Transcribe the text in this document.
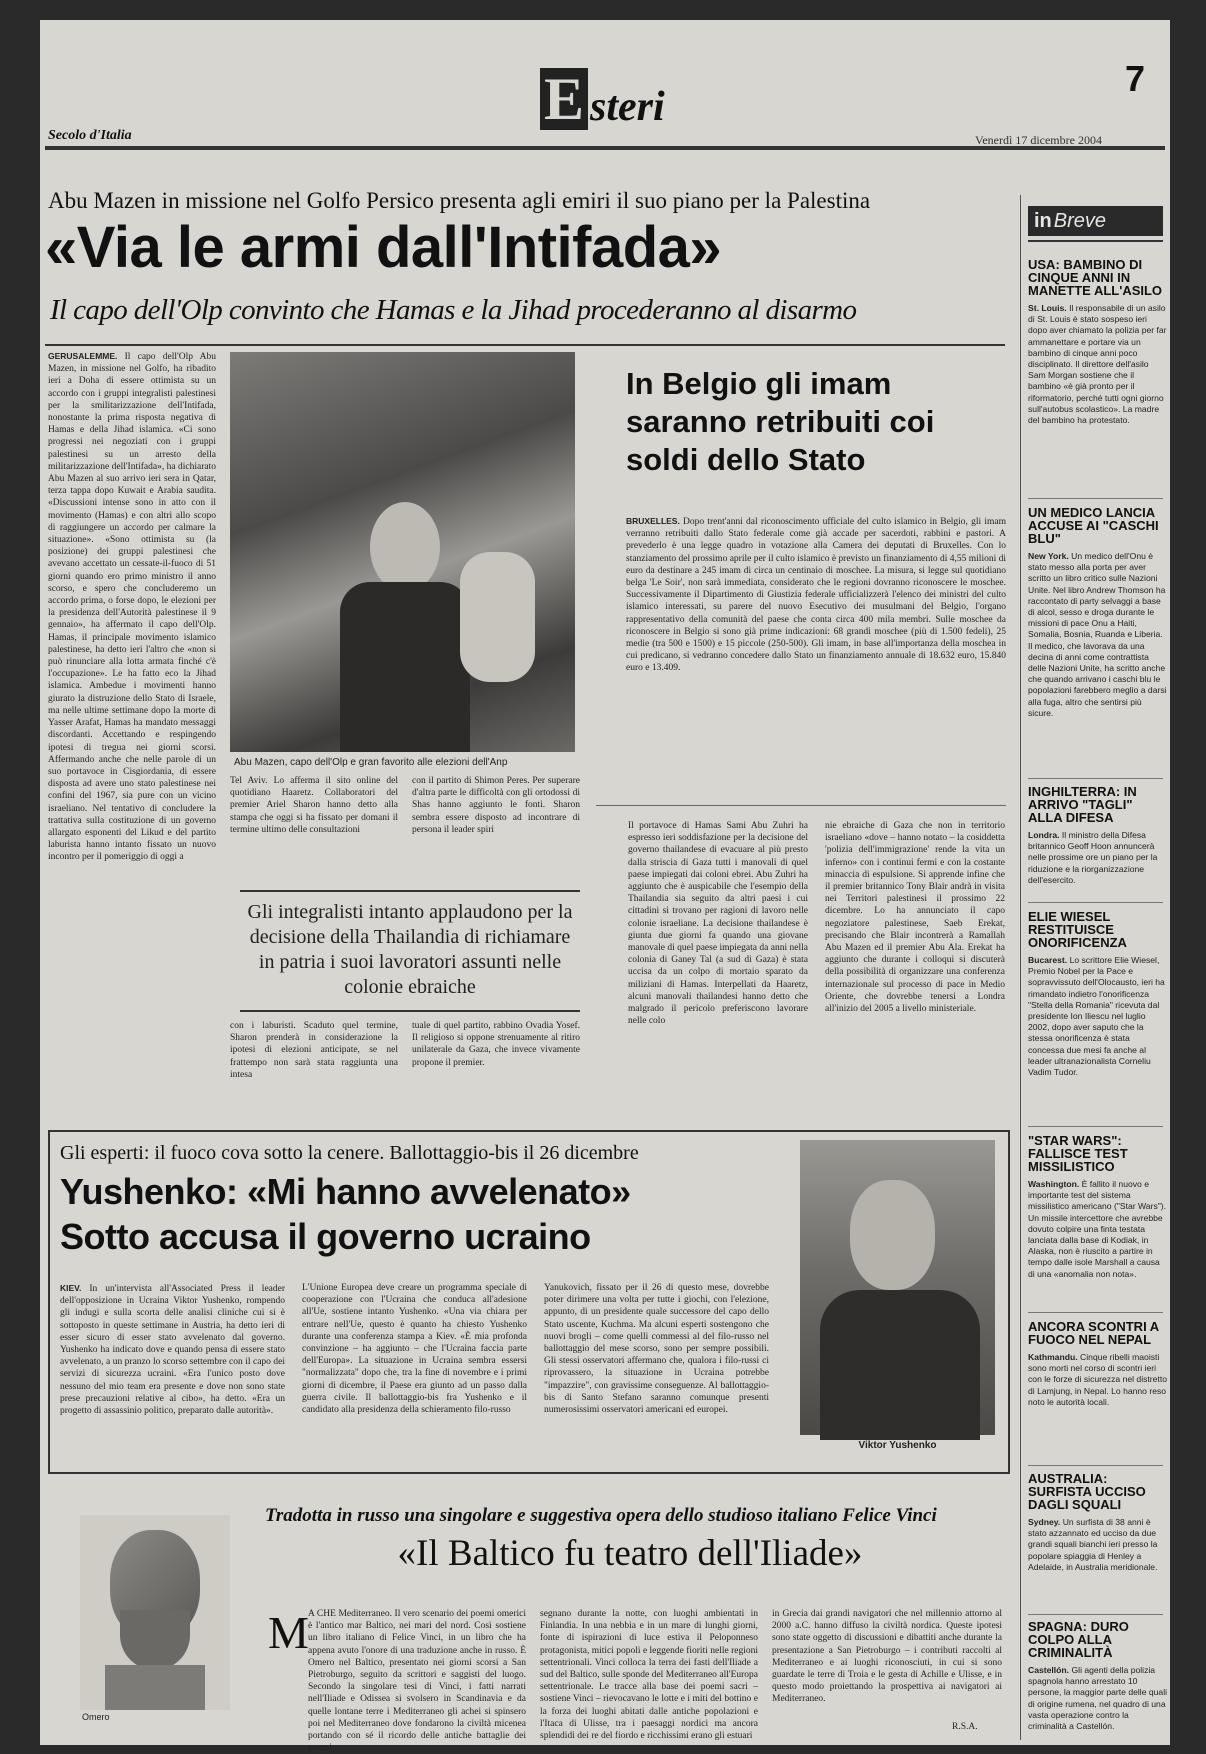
E steri
7
Secolo d'Italia	Venerdì 17 dicembre 2004
Abu Mazen in missione nel Golfo Persico presenta agli emiri il suo piano per la Palestina
«Via le armi dall'Intifada»
Il capo dell'Olp convinto che Hamas e la Jihad procederanno al disarmo
GERUSALEMME. Il capo dell'Olp Abu Mazen, in missione nel Golfo, ha ribadito ieri a Doha di essere ottimista su un accordo con i gruppi integralisti palestinesi per la smilitarizzazione dell'Intifada, nonostante la prima risposta negativa di Hamas e della Jihad islamica. «Ci sono progressi nei negoziati con i gruppi palestinesi su un arresto della militarizzazione dell'Intifada», ha dichiarato Abu Mazen al suo arrivo ieri sera in Qatar, terza tappa dopo Kuwait e Arabia saudita. «Discussioni intense sono in atto con il movimento (Hamas) e con altri allo scopo di raggiungere un accordo per calmare la situazione». «Sono ottimista su (la posizione) dei gruppi palestinesi che avevano accettato un cessate-il-fuoco di 51 giorni quando ero primo ministro il anno scorso, e spero che concluderemo un accordo prima, o forse dopo, le elezioni per la presidenza dell'Autorità palestinese il 9 gennaio», ha affermato il capo dell'Olp. Hamas, il principale movimento islamico palestinese, ha detto ieri l'altro che «non si può rinunciare alla lotta armata finché c'è l'occupazione». Le ha fatto eco la Jihad islamica. Ambedue i movimenti hanno giurato la distruzione dello Stato di Israele, ma nelle ultime settimane dopo la morte di Yasser Arafat, Hamas ha mandato messaggi discordanti. Accettando e respingendo ipotesi di tregua nei giorni scorsi. Affermando anche che nelle parole di un suo portavoce in Cisgiordania, di essere disposta ad avere uno stato palestinese nei confini del 1967, sia pure con un vicino israeliano. Nel tentativo di concludere la trattativa sulla costituzione di un governo allargato esponenti del Likud e del partito laburista hanno intanto fissato un nuovo incontro per il pomeriggio di oggi a
Abu Mazen, capo dell'Olp e gran favorito alle elezioni dell'Anp
Tel Aviv. Lo afferma il sito online del quotidiano Haaretz. Collaboratori del premier Ariel Sharon hanno detto alla stampa che oggi si ha fissato per domani il termine ultimo delle consultazioni
con il partito di Shimon Peres. Per superare d'altra parte le difficoltà con gli ortodossi di Shas hanno aggiunto le fonti. Sharon sembra essere disposto ad incontrare di persona il leader spiri
Gli integralisti intanto applaudono per la decisione della Thailandia di richiamare in patria i suoi lavoratori assunti nelle colonie ebraiche
con i laburisti. Scaduto quel termine, Sharon prenderà in considerazione la ipotesi di elezioni anticipate, se nel frattempo non sarà stata raggiunta una intesa
tuale di quel partito, rabbino Ovadia Yosef. Il religioso si oppone strenuamente al ritiro unilaterale da Gaza, che invece vivamente propone il premier.
In Belgio gli imam saranno retribuiti coi soldi dello Stato
BRUXELLES. Dopo trent'anni dal riconoscimento ufficiale del culto islamico in Belgio, gli imam verranno retribuiti dallo Stato federale come già accade per sacerdoti, rabbini e pastori. A prevederlo è una legge quadro in votazione alla Camera dei deputati di Bruxelles. Con lo stanziamento del prossimo aprile per il culto islamico è previsto un finanziamento di 4,55 milioni di euro da destinare a 245 imam di circa un centinaio di moschee. La misura, si legge sul quotidiano belga 'Le Soir', non sarà immediata, considerato che le regioni dovranno riconoscere le moschee. Successivamente il Dipartimento di Giustizia federale ufficializzerà l'elenco dei ministri del culto islamico interessati, su parere del nuovo Esecutivo dei musulmani del Belgio, l'organo rappresentativo della comunità del paese che conta circa 400 mila membri. Sulle moschee da riconoscere in Belgio si sono già prime indicazioni: 68 grandi moschee (più di 1.500 fedeli), 25 medie (tra 500 e 1500) e 15 piccole (250-500). Gli imam, in base all'importanza della moschea in cui predicano, si vedranno concedere dallo Stato un finanziamento annuale di 18.632 euro, 15.840 euro e 13.409.
Il portavoce di Hamas Sami Abu Zuhri ha espresso ieri soddisfazione per la decisione del governo thailandese di evacuare al più presto dalla striscia di Gaza tutti i manovali di quel paese impiegati dai coloni ebrei. Abu Zuhri ha aggiunto che è auspicabile che l'esempio della Thailandia sia seguito da altri paesi i cui cittadini si trovano per ragioni di lavoro nelle colonie israeliane. La decisione thailandese è giunta due giorni fa quando una giovane manovale di quel paese impiegata da anni nella colonia di Ganey Tal (a sud di Gaza) è stata uccisa da un colpo di mortaio sparato da miliziani di Hamas. Interpellati da Haaretz, alcuni manovali thailandesi hanno detto che malgrado il pericolo preferiscono lavorare nelle colo
nie ebraiche di Gaza che non in territorio israeliano «dove – hanno notato – la cosiddetta 'polizia dell'immigrazione' rende la vita un inferno» con i continui fermi e con la costante minaccia di espulsione. Si apprende infine che il premier britannico Tony Blair andrà in visita nei Territori palestinesi il prossimo 22 dicembre. Lo ha annunciato il capo negoziatore palestinese, Saeb Erekat, precisando che Blair incontrerà a Ramallah Abu Mazen ed il premier Abu Ala. Erekat ha aggiunto che durante i colloqui si discuterà della possibilità di organizzare una conferenza internazionale sul processo di pace in Medio Oriente, che dovrebbe tenersi a Londra all'inizio del 2005 a livello ministeriale.
Gli esperti: il fuoco cova sotto la cenere. Ballottaggio-bis il 26 dicembre
Yushenko: «Mi hanno avvelenato»
Sotto accusa il governo ucraino
KIEV. In un'intervista all'Associated Press il leader dell'opposizione in Ucraina Viktor Yushenko, rompendo gli indugi e sulla scorta delle analisi cliniche cui si è sottoposto in queste settimane in Austria, ha detto ieri di esser sicuro di esser stato avvelenato dal governo. Yushenko ha indicato dove e quando pensa di essere stato avvelenato, a un pranzo lo scorso settembre con il capo dei servizi di sicurezza ucraini. «Era l'unico posto dove nessuno del mio team era presente e dove non sono state prese precauzioni relative al cibo», ha detto. «Era un progetto di assassinio politico, preparato dalle autorità».
L'Unione Europea deve creare un programma speciale di cooperazione con l'Ucraina che conduca all'adesione all'Ue, sostiene intanto Yushenko. «Una via chiara per entrare nell'Ue, questo è quanto ha chiesto Yushenko durante una conferenza stampa a Kiev. «È mia profonda convinzione – ha aggiunto – che l'Ucraina faccia parte dell'Europa». La situazione in Ucraina sembra essersi "normalizzata" dopo che, tra la fine di novembre e i primi giorni di dicembre, il Paese era giunto ad un passo dalla guerra civile. Il ballottaggio-bis fra Yushenko e il candidato alla presidenza della schieramento filo-russo
Yanukovich, fissato per il 26 di questo mese, dovrebbe poter dirimere una volta per tutte i giochi, con l'elezione, appunto, di un presidente quale successore del capo dello Stato uscente, Kuchma. Ma alcuni esperti sostengono che nuovi brogli – come quelli commessi al del filo-russo nel ballottaggio del mese scorso, sono per sempre possibili. Gli stessi osservatori affermano che, qualora i filo-russi ci riprovassero, la situazione in Ucraina potrebbe "impazzire", con gravissime conseguenze. Al ballottaggio-bis di Santo Stefano saranno comunque presenti numerosissimi osservatori americani ed europei.
Viktor Yushenko
Omero
Tradotta in russo una singolare e suggestiva opera dello studioso italiano Felice Vinci
«Il Baltico fu teatro dell'Iliade»
M A CHE Mediterraneo. Il vero scenario dei poemi omerici è l'antico mar Baltico, nei mari del nord. Così sostiene un libro italiano di Felice Vinci, in un libro che ha appena avuto l'onore di una traduzione anche in russo. È Omero nel Baltico, presentato nei giorni scorsi a San Pietroburgo, seguito da scrittori e saggisti del luogo. Secondo la singolare tesi di Vinci, i fatti narrati nell'Iliade e Odissea si svolsero in Scandinavia e da quelle lontane terre i Mediterraneo gli achei si spinsero poi nel Mediterraneo dove fondarono la civiltà micenea portando con sé il ricordo delle antiche battaglie dei poemi
segnano durante la notte, con luoghi ambientati in Finlandia. In una nebbia e in un mare di lunghi giorni, fonte di ispirazioni di luce estiva il Peloponneso protagonista, mitici popoli e leggende fioriti nelle regioni settentrionali. Vinci colloca la terra dei fasti dell'Iliade a sud del Baltico, sulle sponde del Mediterraneo all'Europa settentrionale. Le tracce alla base dei poemi sacri – sostiene Vinci – rievocavano le lotte e i miti del bottino e la forza dei luoghi abitati dalle antiche popolazioni e l'Itaca di Ulisse, tra i paesaggi nordici ma ancora splendidi dei re del fiordo e ricchissimi erano gli estuari
in Grecia dai grandi navigatori che nel millennio attorno al 2000 a.C. hanno diffuso la civiltà nordica. Queste ipotesi sono state oggetto di discussioni e dibattiti anche durante la presentazione a San Pietroburgo – i contributi raccolti al Mediterraneo e ai luoghi riconosciuti, in cui si sono guardate le terre di Troia e le gesta di Achille e Ulisse, e in questo modo proiettando la prospettiva ai navigatori ai Mediterraneo.
R.S.A.
in Breve
USA: BAMBINO DI CINQUE ANNI IN MANETTE ALL'ASILO
St. Louis. Il responsabile di un asilo di St. Louis è stato sospeso ieri dopo aver chiamato la polizia per far ammanettare e portare via un bambino di cinque anni poco disciplinato. Il direttore dell'asilo Sam Morgan sostiene che il bambino «è già pronto per il riformatorio, perché tutti ogni giorno sull'autobus scolastico». La madre del bambino ha protestato.
UN MEDICO LANCIA ACCUSE AI "CASCHI BLU"
New York. Un medico dell'Onu è stato messo alla porta per aver scritto un libro critico sulle Nazioni Unite. Nel libro Andrew Thomson ha raccontato di party selvaggi a base di alcol, sesso e droga durante le missioni di pace Onu a Haiti, Somalia, Bosnia, Ruanda e Liberia. Il medico, che lavorava da una decina di anni come contrattista delle Nazioni Unite, ha scritto anche che quando arrivano i caschi blu le popolazioni farebbero meglio a darsi alla fuga, altro che sentirsi più sicure.
INGHILTERRA: IN ARRIVO "TAGLI" ALLA DIFESA
Londra. Il ministro della Difesa britannico Geoff Hoon annuncerà nelle prossime ore un piano per la riduzione e la riorganizzazione dell'esercito.
ELIE WIESEL RESTITUISCE ONORIFICENZA
Bucarest. Lo scrittore Elie Wiesel, Premio Nobel per la Pace e sopravvissuto dell'Olocausto, ieri ha rimandato indietro l'onorificenza "Stella della Romania" ricevuta dal presidente Ion Iliescu nel luglio 2002, dopo aver saputo che la stessa onorificenza è stata concessa due mesi fa anche al leader ultranazionalista Corneliu Vadim Tudor.
"STAR WARS": FALLISCE TEST MISSILISTICO
Washington. È fallito il nuovo e importante test del sistema missilistico americano ("Star Wars"). Un missile intercettore che avrebbe dovuto colpire una finta testata lanciata dalla base di Kodiak, in Alaska, non è riuscito a partire in tempo dalle isole Marshall a causa di una «anomalia non nota».
ANCORA SCONTRI A FUOCO NEL NEPAL
Kathmandu. Cinque ribelli maoisti sono morti nel corso di scontri ieri con le forze di sicurezza nel distretto di Lamjung, in Nepal. Lo hanno reso noto le autorità locali.
AUSTRALIA: SURFISTA UCCISO DAGLI SQUALI
Sydney. Un surfista di 38 anni è stato azzannato ed ucciso da due grandi squali bianchi ieri presso la popolare spiaggia di Henley a Adelaide, in Australia meridionale.
SPAGNA: DURO COLPO ALLA CRIMINALITÀ
Castellón. Gli agenti della polizia spagnola hanno arrestato 10 persone, la maggior parte delle quali di origine rumena, nel quadro di una vasta operazione contro la criminalità a Castellón.
